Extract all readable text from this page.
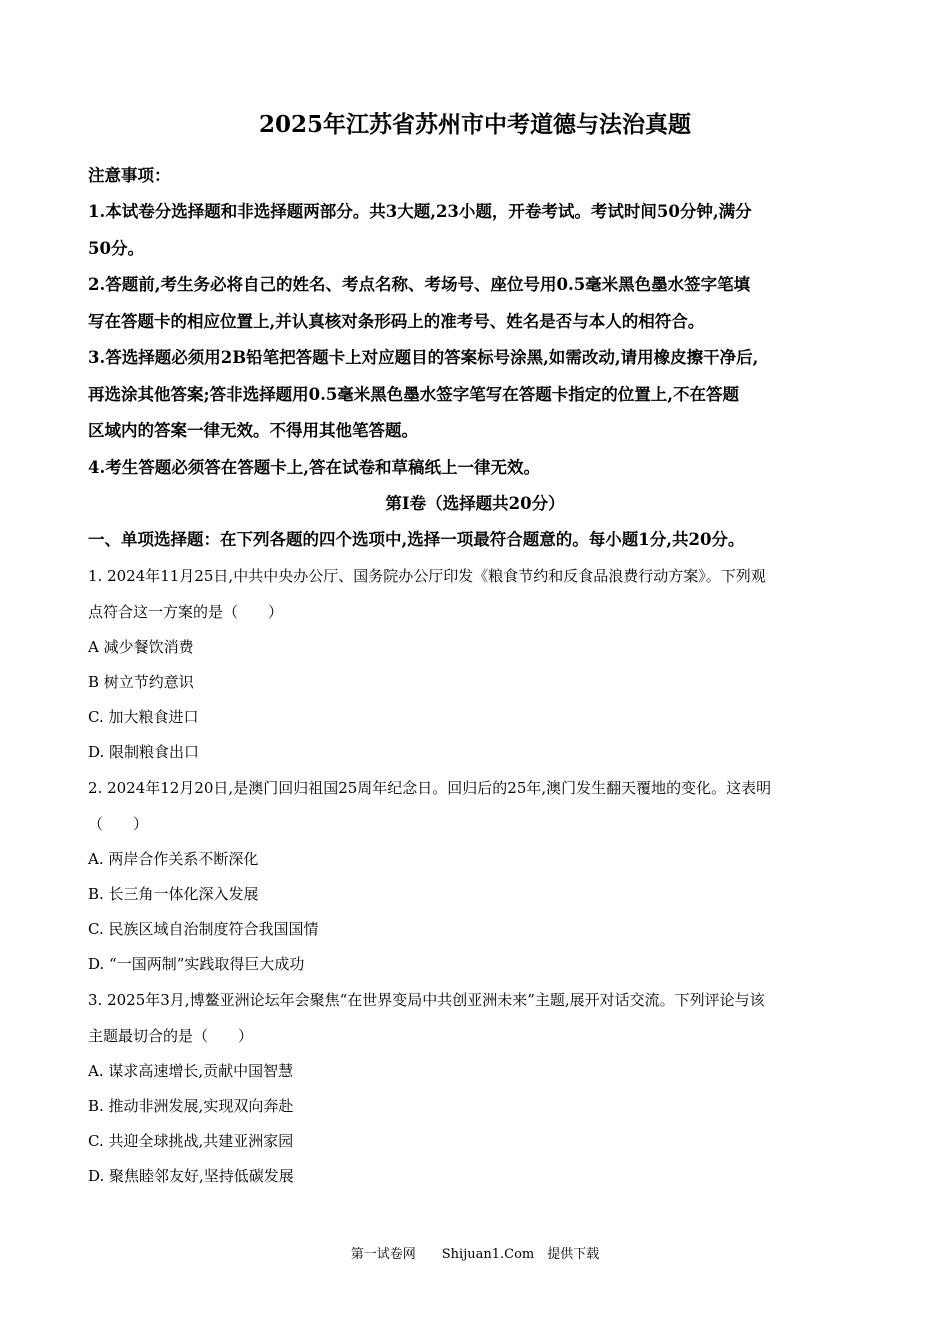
2025年江苏省苏州市中考道德与法治真题
注意事项：
1.本试卷分选择题和非选择题两部分。共3大题,23小题，开卷考试。考试时间50分钟,满分
50分。
2.答题前,考生务必将自己的姓名、考点名称、考场号、座位号用0.5毫米黑色墨水签字笔填
写在答题卡的相应位置上,并认真核对条形码上的准考号、姓名是否与本人的相符合。
3.答选择题必须用2B铅笔把答题卡上对应题目的答案标号涂黑,如需改动,请用橡皮擦干净后,
再选涂其他答案;答非选择题用0.5毫米黑色墨水签字笔写在答题卡指定的位置上,不在答题
区域内的答案一律无效。不得用其他笔答题。
4.考生答题必须答在答题卡上,答在试卷和草稿纸上一律无效。
第I卷（选择题共20分）
一、单项选择题：在下列各题的四个选项中,选择一项最符合题意的。每小题1分,共20分。
1. 2024年11月25日,中共中央办公厅、国务院办公厅印发《粮食节约和反食品浪费行动方案》。下列观
点符合这一方案的是（　　）
A 减少餐饮消费
B 树立节约意识
C. 加大粮食进口
D. 限制粮食出口
2. 2024年12月20日,是澳门回归祖国25周年纪念日。回归后的25年,澳门发生翻天覆地的变化。这表明
（　　）
A. 两岸合作关系不断深化
B. 长三角一体化深入发展
C. 民族区域自治制度符合我国国情
D. “一国两制”实践取得巨大成功
3. 2025年3月,博鳌亚洲论坛年会聚焦“在世界变局中共创亚洲未来”主题,展开对话交流。下列评论与该
主题最切合的是（　　）
A. 谋求高速增长,贡献中国智慧
B. 推动非洲发展,实现双向奔赴
C. 共迎全球挑战,共建亚洲家园
D. 聚焦睦邻友好,坚持低碳发展
第一试卷网　　Shijuan1.Com　提供下载
